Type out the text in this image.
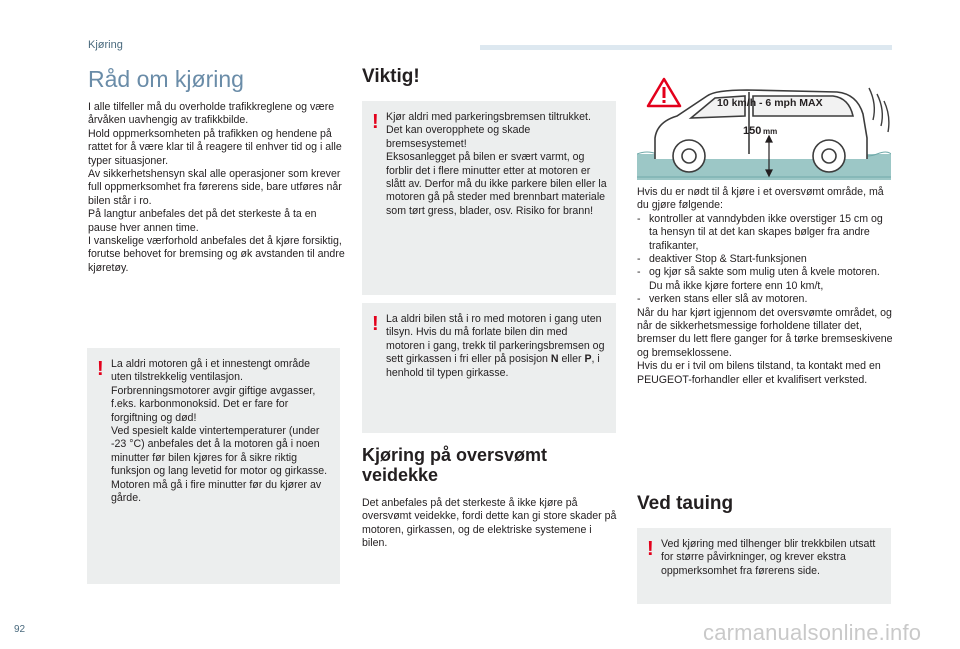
Kjøring
Råd om kjøring

I alle tilfeller må du overholde trafikkreglene og være årvåken uavhengig av trafikkbilde.

Hold oppmerksomheten på trafikken og hendene på rattet for å være klar til å reagere til enhver tid og i alle typer situasjoner.

Av sikkerhetshensyn skal alle operasjoner som krever full oppmerksomhet fra førerens side, bare utføres når bilen står i ro.

På langtur anbefales det på det sterkeste å ta en pause hver annen time.

I vanskelige værforhold anbefales det å kjøre forsiktig, forutse behovet for bremsing og øk avstanden til andre kjøretøy.

! La aldri motoren gå i et innestengt område uten tilstrekkelig ventilasjon. Forbrenningsmotorer avgir giftige avgasser, f.eks. karbonmonoksid. Det er fare for forgiftning og død!

Ved spesielt kalde vintertemperaturer (under -23 °C) anbefales det å la motoren gå i noen minutter før bilen kjøres for å sikre riktig funksjon og lang levetid for motor og girkasse. Motoren må gå i fire minutter før du kjører av gårde.

Viktig!
! Kjør aldri med parkeringsbremsen tiltrukket. Det kan overopphete og skade bremsesystemet!

Eksosanlegget på bilen er svært varmt, og forblir det i flere minutter etter at motoren er slått av. Derfor må du ikke parkere bilen eller la motoren gå på steder med brennbart materiale som tørt gress, blader, osv. Risiko for brann!

! La aldri bilen stå i ro med motoren i gang uten tilsyn. Hvis du må forlate bilen din med motoren i gang, trekk til parkeringsbremsen og sett girkassen i fri eller på posisjon N eller P, i henhold til typen girkasse.

Kjøring på oversvømt veidekke
Det anbefales på det sterkeste å ikke kjøre på oversvømt veidekke, fordi dette kan gi store skader på motoren, girkassen, og de elektriske systemene i bilen.
150 mm
10 km/h - 6 mph MAX

Hvis du er nødt til å kjøre i et oversvømt område, må du gjøre følgende:

- kontroller at vanndybden ikke overstiger 15 cm og ta hensyn til at det kan skapes bølger fra andre trafikanter,
- deaktiver Stop & Start-funksjonen
- og kjør så sakte som mulig uten å kvele motoren. Du må ikke kjøre fortere enn 10 km/t,
- verken stans eller slå av motoren.

Når du har kjørt igjennom det oversvømte området, og når de sikkerhetsmessige forholdene tillater det, bremser du lett flere ganger for å tørke bremseskivene og bremseklossene.

Hvis du er i tvil om bilens tilstand, ta kontakt med en PEUGEOT-forhandler eller et kvalifisert verksted.

Ved tauing
! Ved kjøring med tilhenger blir trekkbilen utsatt for større påvirkninger, og krever ekstra oppmerksomhet fra førerens side.

92	carmanualsonline.info
